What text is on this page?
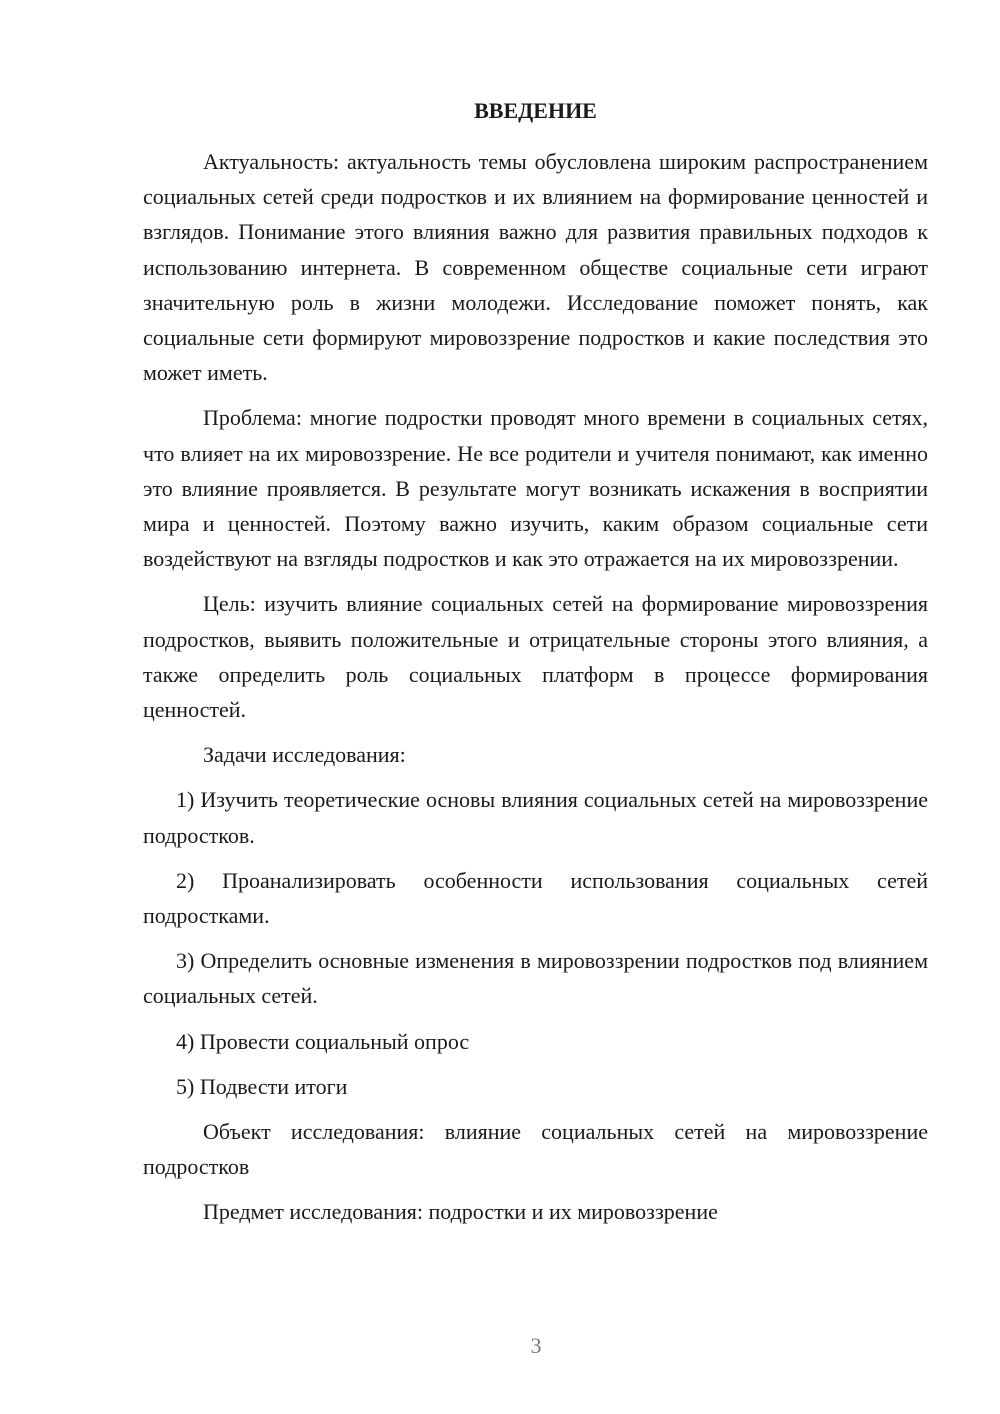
ВВЕДЕНИЕ

Актуальность: актуальность темы обусловлена широким распространением социальных сетей среди подростков и их влиянием на формирование ценностей и взглядов. Понимание этого влияния важно для развития правильных подходов к использованию интернета. В современном обществе социальные сети играют значительную роль в жизни молодежи. Исследование поможет понять, как социальные сети формируют мировоззрение подростков и какие последствия это может иметь.

Проблема: многие подростки проводят много времени в социальных сетях, что влияет на их мировоззрение. Не все родители и учителя понимают, как именно это влияние проявляется. В результате могут возникать искажения в восприятии мира и ценностей. Поэтому важно изучить, каким образом социальные сети воздействуют на взгляды подростков и как это отражается на их мировоззрении.

Цель: изучить влияние социальных сетей на формирование мировоззрения подростков, выявить положительные и отрицательные стороны этого влияния, а также определить роль социальных платформ в процессе формирования ценностей.

Задачи исследования:

1) Изучить теоретические основы влияния социальных сетей на мировоззрение подростков.

2) Проанализировать особенности использования социальных сетей подростками.

3) Определить основные изменения в мировоззрении подростков под влиянием социальных сетей.

4) Провести социальный опрос

5) Подвести итоги

Объект исследования: влияние социальных сетей на мировоззрение подростков

Предмет исследования: подростки и их мировоззрение

3
